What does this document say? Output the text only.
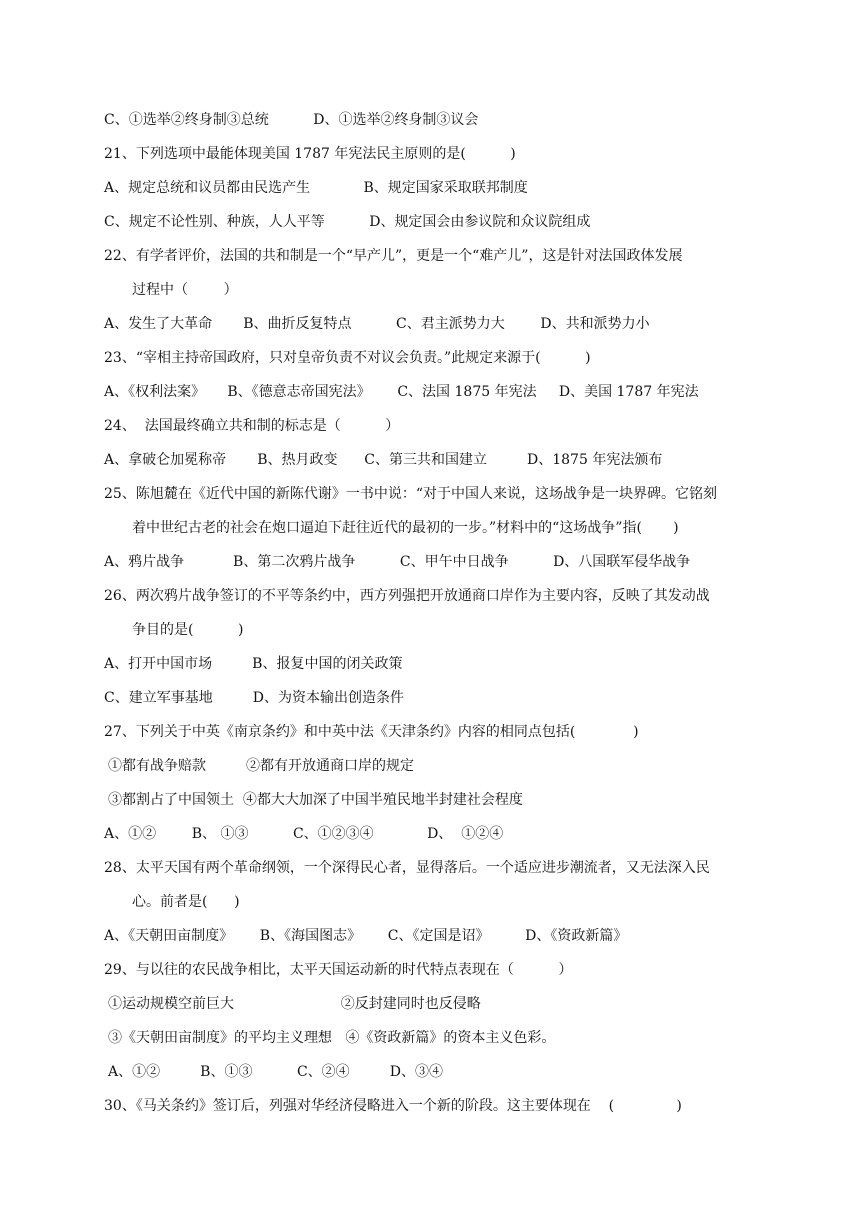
C、①选举②终身制③总统          D、①选举②终身制③议会
21、下列选项中最能体现美国 1787 年宪法民主原则的是(          )
A、规定总统和议员都由民选产生            B、规定国家采取联邦制度
C、规定不论性别、种族，人人平等          D、规定国会由参议院和众议院组成
22、有学者评价，法国的共和制是一个“早产儿”，更是一个“难产儿”，这是针对法国政体发展
过程中（        ）
A、发生了大革命       B、曲折反复特点          C、君主派势力大        D、共和派势力小
23、“宰相主持帝国政府，只对皇帝负责不对议会负责。”此规定来源于(          )
A、《权利法案》     B、《德意志帝国宪法》      C、法国 1875 年宪法     D、美国 1787 年宪法
24、  法国最终确立共和制的标志是（          ）
A、拿破仑加冕称帝       B、热月政变      C、第三共和国建立         D、1875 年宪法颁布
25、陈旭麓在《近代中国的新陈代谢》一书中说：“对于中国人来说，这场战争是一块界碑。它铭刻
着中世纪古老的社会在炮口逼迫下赶往近代的最初的一步。”材料中的“这场战争”指(       )
A、鸦片战争           B、第二次鸦片战争          C、甲午中日战争          D、八国联军侵华战争
26、两次鸦片战争签订的不平等条约中，西方列强把开放通商口岸作为主要内容，反映了其发动战
争目的是(          )
A、打开中国市场         B、报复中国的闭关政策
C、建立军事基地         D、为资本输出创造条件
27、下列关于中英《南京条约》和中英中法《天津条约》内容的相同点包括(             )
①都有战争赔款         ②都有开放通商口岸的规定
③都割占了中国领土  ④都大大加深了中国半殖民地半封建社会程度
A、①②        B、 ①③          C、①②③④            D、  ①②④
28、太平天国有两个革命纲领，一个深得民心者，显得落后。一个适应进步潮流者，又无法深入民
心。前者是(      )
A、《天朝田亩制度》      B、《海国图志》      C、《定国是诏》        D、《资政新篇》
29、与以往的农民战争相比，太平天国运动新的时代特点表现在（          ）
①运动规模空前巨大                        ②反封建同时也反侵略
③《天朝田亩制度》的平均主义理想   ④《资政新篇》的资本主义色彩。
A、①②         B、①③          C、②④         D、③④
30、《马关条约》签订后，列强对华经济侵略进入一个新的阶段。这主要体现在    (              )
